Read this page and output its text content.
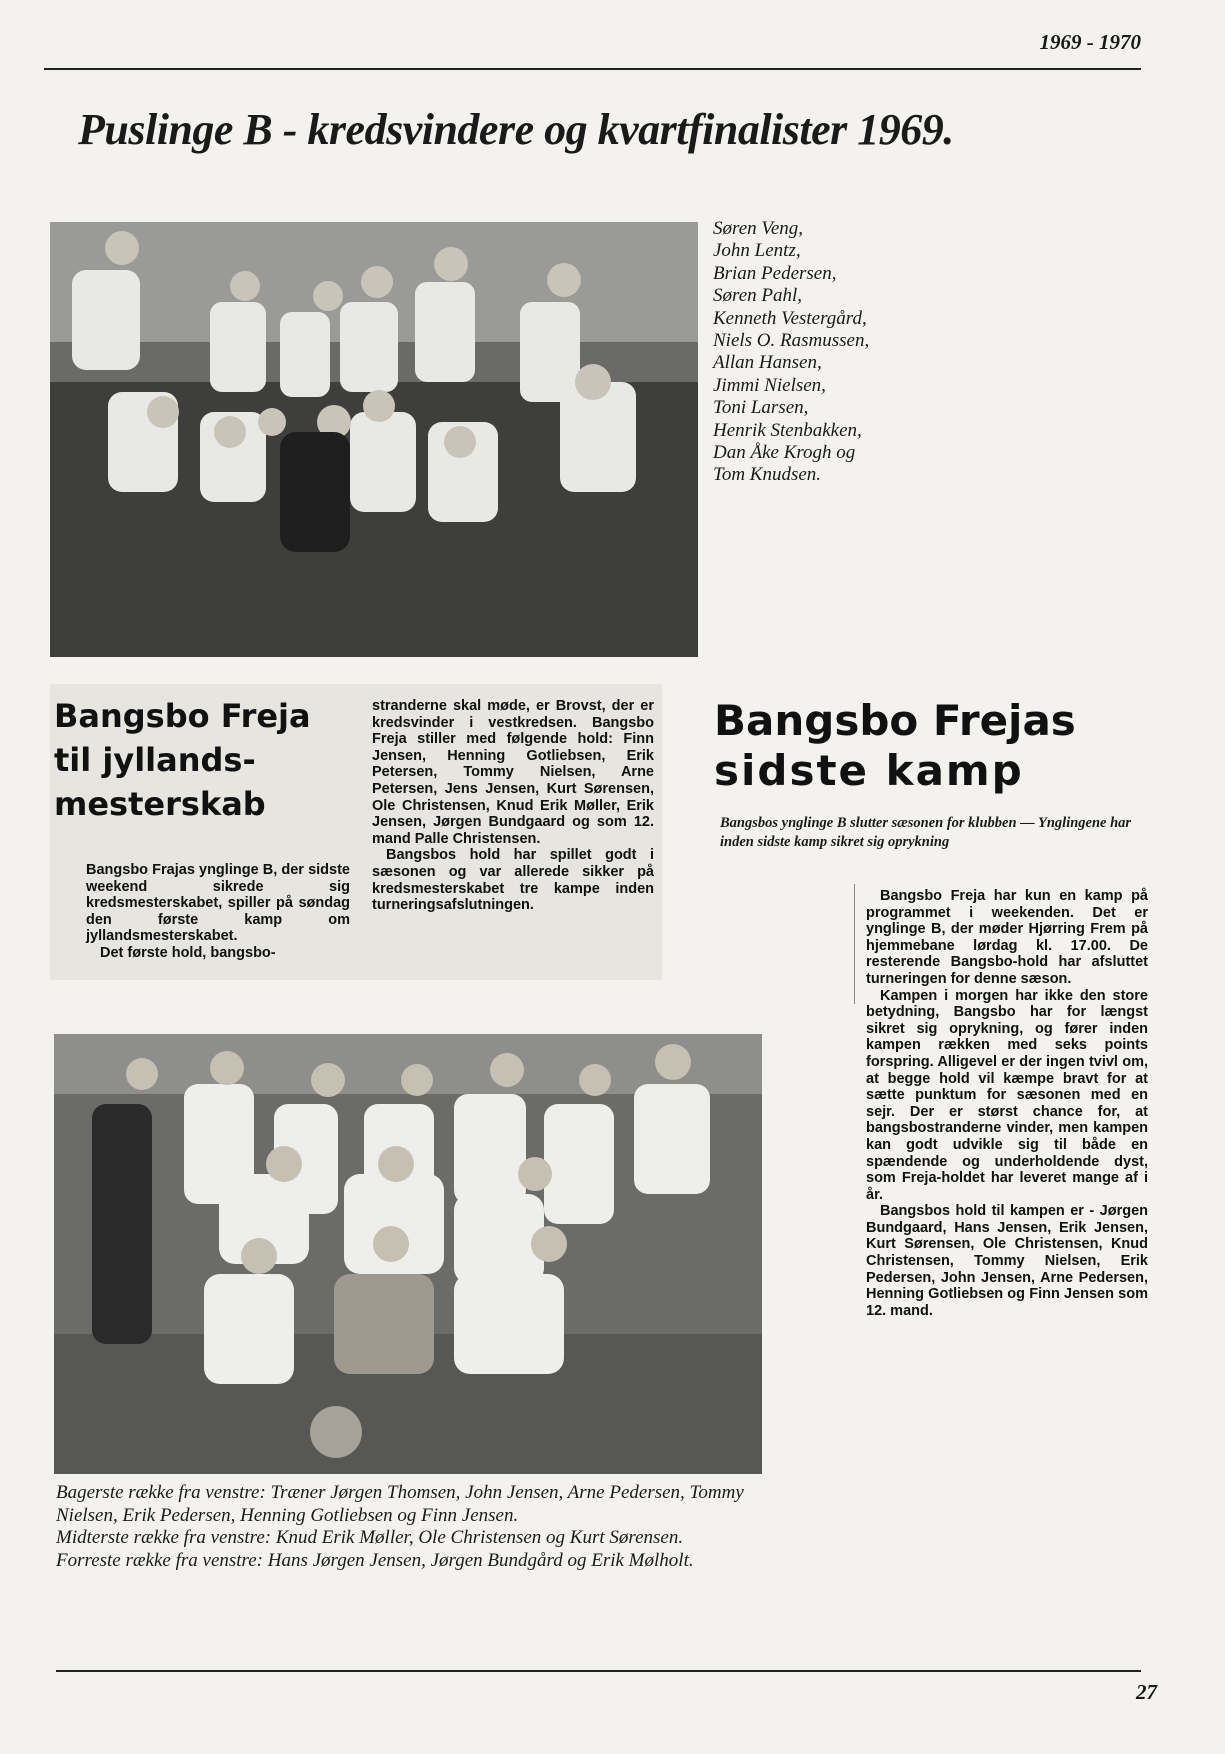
1969 - 1970
Puslinge B - kredsvindere og kvartfinalister 1969.
Søren Veng,
John Lentz,
Brian Pedersen,
Søren Pahl,
Kenneth Vestergård,
Niels O. Rasmussen,
Allan Hansen,
Jimmi Nielsen,
Toni Larsen,
Henrik Stenbakken,
Dan Åke Krogh og
Tom Knudsen.
Bangsbo Freja
til jyllands-
mesterskab

Bangsbo Frajas ynglinge B, der sidste weekend sikrede sig kredsmesterskabet, spiller på søndag den første kamp om jyllandsmesterskabet.

Det første hold, bangsbo-

stranderne skal møde, er Brovst, der er kredsvinder i vestkredsen. Bangsbo Freja stiller med følgende hold: Finn Jensen, Henning Gotliebsen, Erik Petersen, Tommy Nielsen, Arne Petersen, Jens Jensen, Kurt Sørensen, Ole Christensen, Knud Erik Møller, Erik Jensen, Jørgen Bundgaard og som 12. mand Palle Christensen.

Bangsbos hold har spillet godt i sæsonen og var allerede sikker på kredsmesterskabet tre kampe inden turneringsafslutningen.

Bangsbo Frejas
sidste kamp
Bangsbos ynglinge B slutter sæsonen for klubben — Ynglingene har inden sidste kamp sikret sig oprykning

Bangsbo Freja har kun en kamp på programmet i weekenden. Det er ynglinge B, der møder Hjørring Frem på hjemmebane lørdag kl. 17.00. De resterende Bangsbo-hold har afsluttet turneringen for denne sæson.

Kampen i morgen har ikke den store betydning, Bangsbo har for længst sikret sig oprykning, og fører inden kampen rækken med seks points forspring. Alligevel er der ingen tvivl om, at begge hold vil kæmpe bravt for at sætte punktum for sæsonen med en sejr. Der er størst chance for, at bangsbostranderne vinder, men kampen kan godt udvikle sig til både en spændende og underholdende dyst, som Freja-holdet har leveret mange af i år.

Bangsbos hold til kampen er - Jørgen Bundgaard, Hans Jensen, Erik Jensen, Kurt Sørensen, Ole Christensen, Knud Christensen, Tommy Nielsen, Erik Pedersen, John Jensen, Arne Pedersen, Henning Gotliebsen og Finn Jensen som 12. mand.

Bagerste række fra venstre: Træner Jørgen Thomsen, John Jensen, Arne Pedersen, Tommy Nielsen, Erik Pedersen, Henning Gotliebsen og Finn Jensen.
Midterste række fra venstre: Knud Erik Møller, Ole Christensen og Kurt Sørensen.
Forreste række fra venstre: Hans Jørgen Jensen, Jørgen Bundgård og Erik Mølholt.
27
